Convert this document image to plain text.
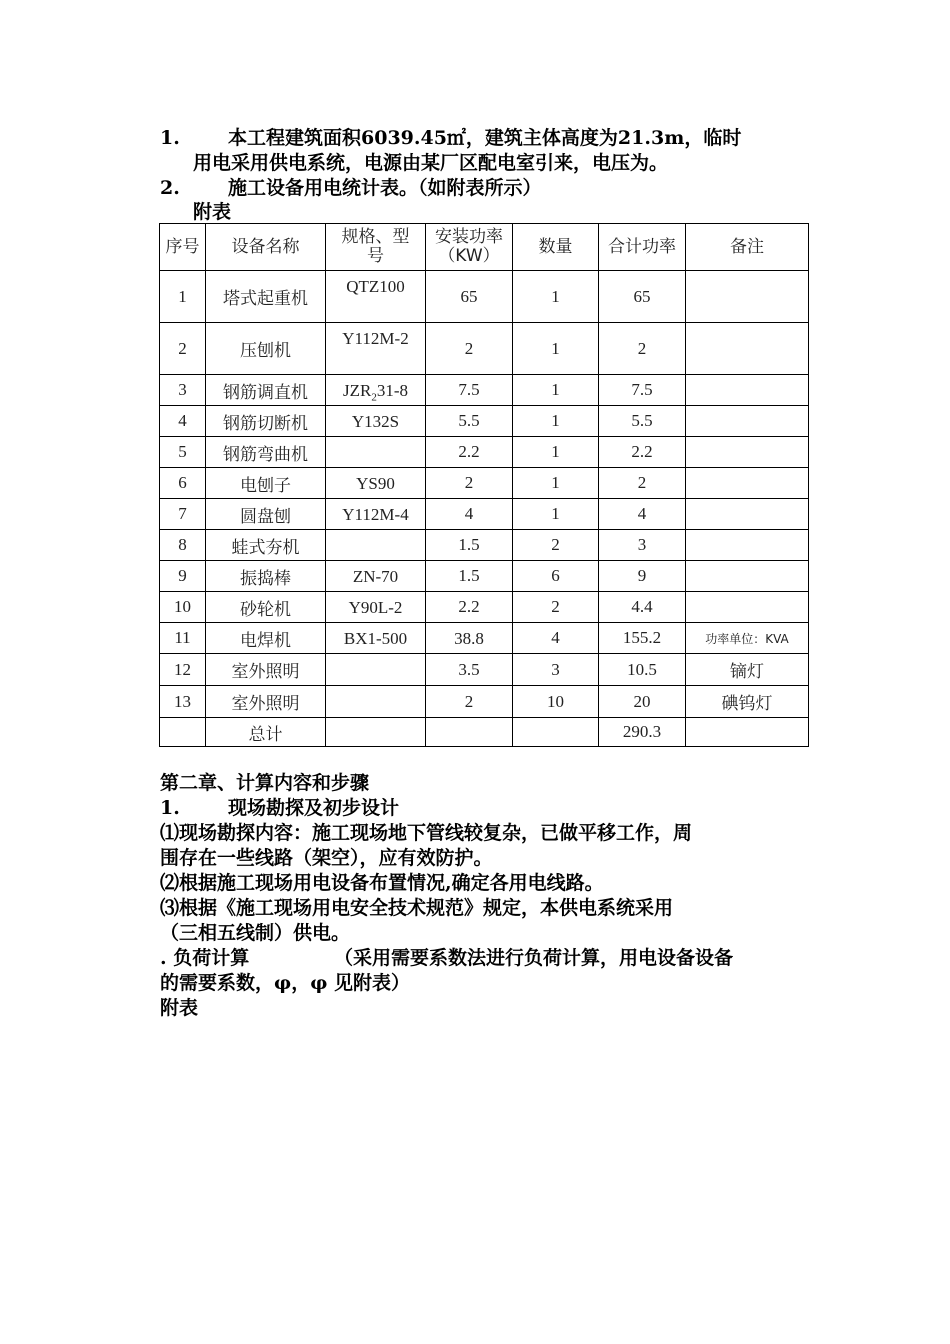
1.	本工程建筑面积6039.45㎡，建筑主体高度为21.3m，临时
用电采用供电系统，电源由某厂区配电室引来，电压为。
2.	施工设备用电统计表。（如附表所示）
附表
序号	设备名称	规格、型号	安装功率（KW）	数量	合计功率	备注
1	塔式起重机	QTZ100	65	1	65	
2	压刨机	Y112M-2	2	1	2	
3	钢筋调直机	$JZR_231-8$	7.5	1	7.5	
4	钢筋切断机	Y132S	5.5	1	5.5	
5	钢筋弯曲机		2.2	1	2.2	
6	电刨子	YS90	2	1	2	
7	圆盘刨	Y112M-4	4	1	4	
8	蛙式夯机		1.5	2	3	
9	振捣棒	ZN-70	1.5	6	9	
10	砂轮机	Y90L-2	2.2	2	4.4	
11	电焊机	BX1-500	38.8	4	155.2	功率单位：KVA
12	室外照明		3.5	3	10.5	镝灯
13	室外照明		2	10	20	碘钨灯
	总计				290.3	
第二章、计算内容和步骤
1.	现场勘探及初步设计
⑴现场勘探内容：施工现场地下管线较复杂，已做平移工作，周
围存在一些线路（架空），应有效防护。
⑵根据施工现场用电设备布置情况,确定各用电线路。
⑶根据《施工现场用电安全技术规范》规定，本供电系统采用
（三相五线制）供电。
. 负荷计算	（采用需要系数法进行负荷计算，用电设备设备
的需要系数，φ，φ 见附表）
附表
